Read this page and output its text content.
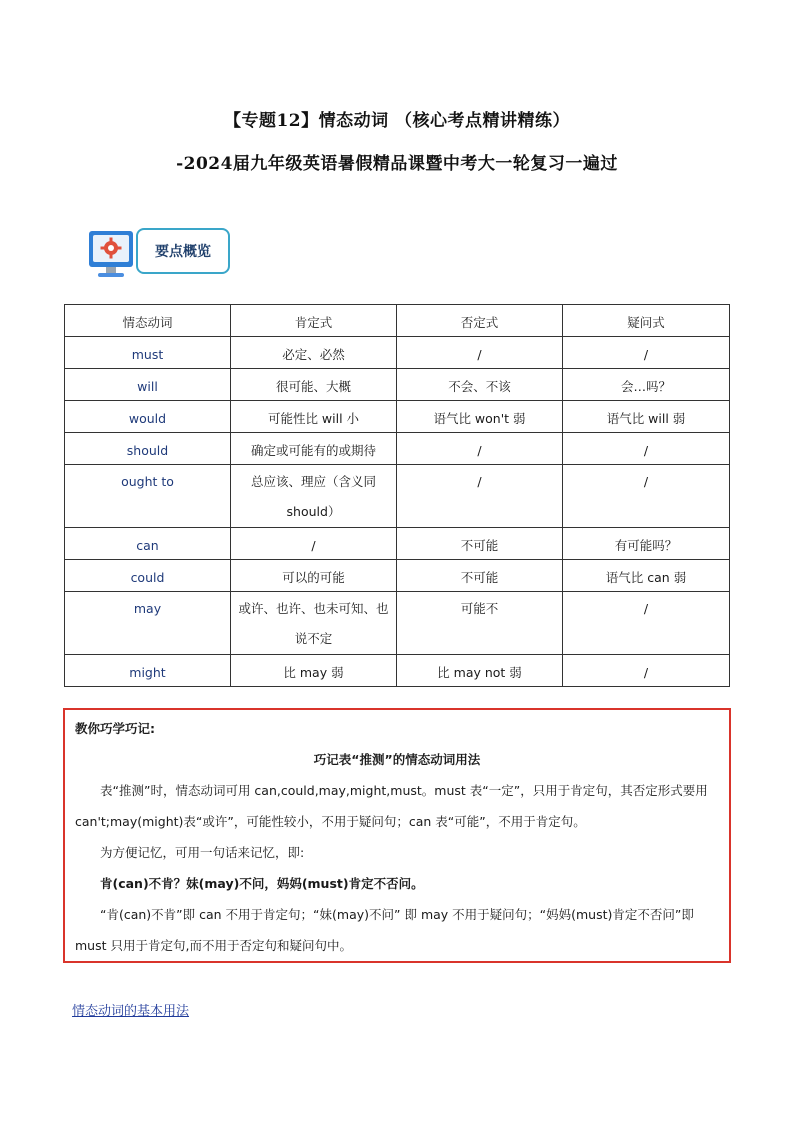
【专题12】情态动词 （核心考点精讲精练）
-2024届九年级英语暑假精品课暨中考大一轮复习一遍过
要点概览
情态动词	肯定式	否定式	疑问式
must	必定、必然	/	/
will	很可能、大概	不会、不该	会…吗？
would	可能性比 will 小	语气比 won't 弱	语气比 will 弱
should	确定或可能有的或期待	/	/
ought to	总应该、理应（含义同should）	/	/
can	/	不可能	有可能吗？
could	可以的可能	不可能	语气比 can 弱
may	或许、也许、也未可知、也说不定	可能不	/
might	比 may 弱	比 may not 弱	/
教你巧学巧记:
巧记表“推测”的情态动词用法

表“推测”时，情态动词可用 can,could,may,might,must。must 表“一定”，只用于肯定句，其否定形式要用 can't;may(might)表“或许”，可能性较小，不用于疑问句；can 表“可能”，不用于肯定句。

为方便记忆，可用一句话来记忆，即:

肯(can)不肯？妹(may)不问，妈妈(must)肯定不否问。

“肯(can)不肯”即 can 不用于肯定句；“妹(may)不问” 即 may 不用于疑问句；“妈妈(must)肯定不否问”即 must 只用于肯定句,而不用于否定句和疑问句中。

情态动词的基本用法
